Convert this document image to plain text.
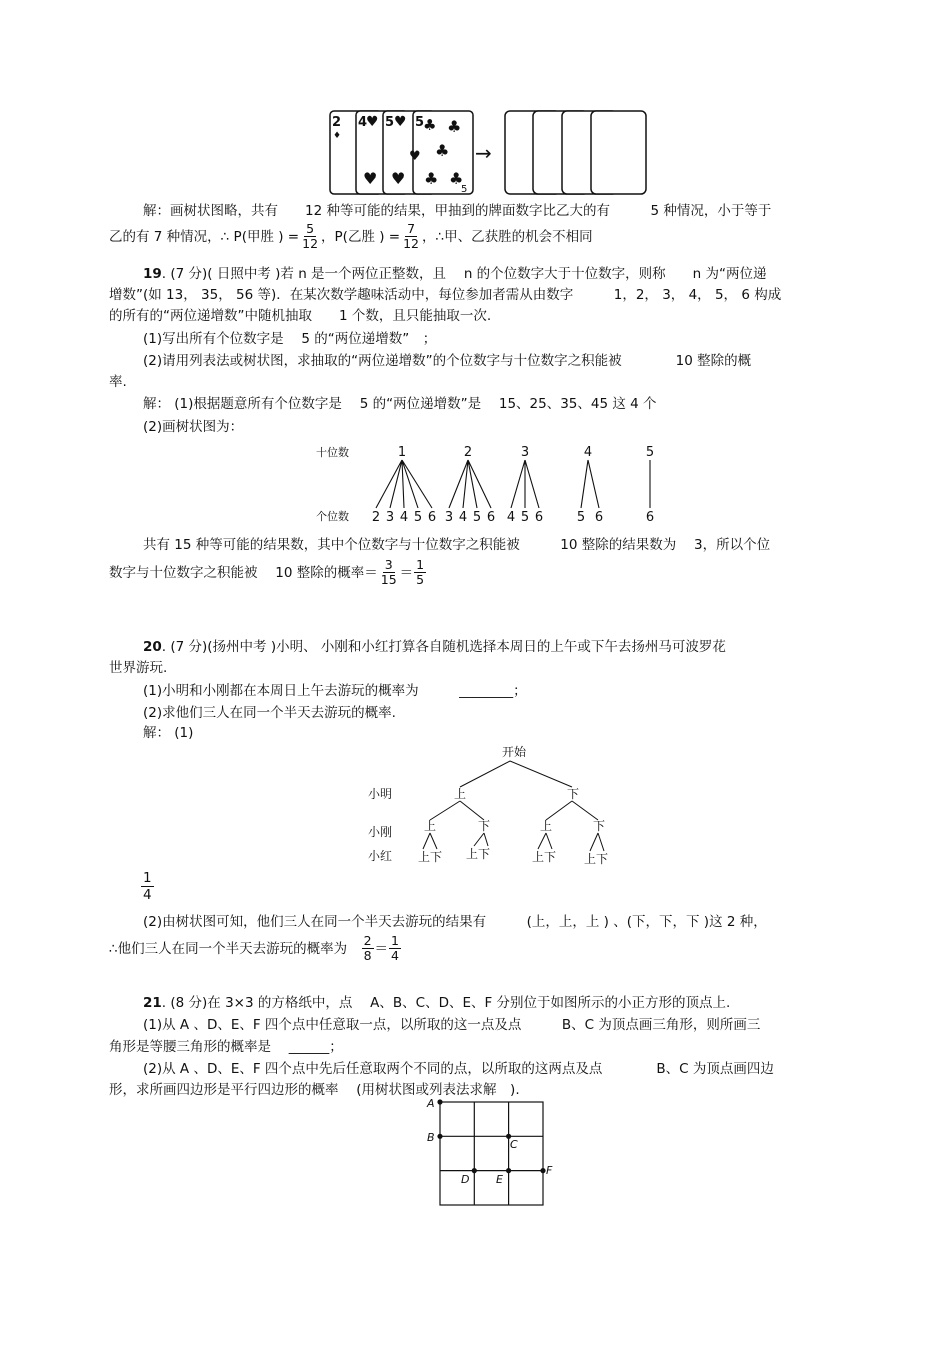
2
♦
4
♥ 5 ♥ 5
♣
♥ ♥
♥
♣
♣
♣ ♣
5
→
解：画树状图略，共有　　12 种等可能的结果，甲抽到的牌面数字比乙大的有　　　5 种情况，小于等于
乙的有 7 种情况，∴ P(甲胜 ) = $\frac{5}{12}$ ，P(乙胜 ) = $\frac{7}{12}$ ，∴甲、乙获胜的机会不相同
19. (7 分)( 日照中考 )若 n 是一个两位正整数，且　 n 的个位数字大于十位数字，则称　　n 为“两位递
增数”(如 13， 35， 56 等)．在某次数学趣味活动中，每位参加者需从由数字　　　1，2， 3， 4， 5， 6 构成
的所有的“两位递增数”中随机抽取　　1 个数，且只能抽取一次.
(1)写出所有个位数字是　 5 的“两位递增数”　；
(2)请用列表法或树状图，求抽取的“两位递增数”的个位数字与十位数字之积能被　　　　10 整除的概
率.
解： (1)根据题意所有个位数字是　 5 的“两位递增数”是　 15、25、35、45 这 4 个
(2)画树状图为：
十位数
个位数
1	2	3	4	5
2 3 4 5 6 3 4 5 6 4 5 6	5 6	6
共有 15 种等可能的结果数，其中个位数字与十位数字之积能被　　　10 整除的结果数为　 3，所以个位
数字与十位数字之积能被　 10 整除的概率＝ $\frac{3}{15} = \frac{1}{5}$
20. (7 分)(扬州中考 )小明、 小刚和小红打算各自随机选择本周日的上午或下午去扬州马可波罗花
世界游玩.
(1)小明和小刚都在本周日上午去游玩的概率为　　　________；
(2)求他们三人在同一个半天去游玩的概率.
解： (1)
开始
小明
小刚
小红
上	下
上	下	上	下
上下 上下	上下 上下
$\frac{1}{4}$
(2)由树状图可知，他们三人在同一个半天去游玩的结果有　　　(上，上，上 ) 、(下，下，下 )这 2 种，
∴他们三人在同一个半天去游玩的概率为　 $\frac{2}{8} = \frac{1}{4}$
21. (8 分)在 3×3 的方格纸中，点　 A、B、C、D、E、F 分别位于如图所示的小正方形的顶点上.
(1)从 A 、D、E、F 四个点中任意取一点，以所取的这一点及点　　　B、C 为顶点画三角形，则所画三
角形是等腰三角形的概率是　 ______；
(2)从 A 、D、E、F 四个点中先后任意取两个不同的点，以所取的这两点及点　　　　B、C 为顶点画四边
形，求所画四边形是平行四边形的概率　 (用树状图或列表法求解　).
A
B
C
D E
F
